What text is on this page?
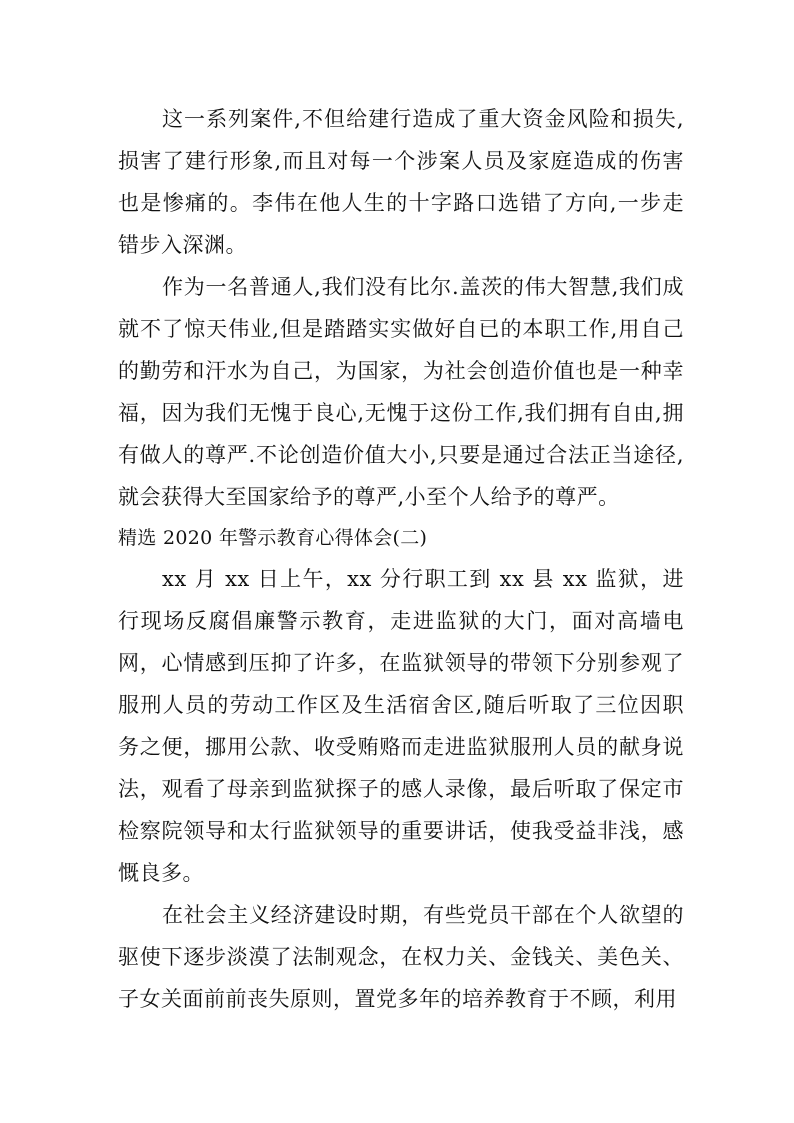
这一系列案件,不但给建行造成了重大资金风险和损失,损害了建行形象,而且对每一个涉案人员及家庭造成的伤害也是惨痛的。李伟在他人生的十字路口选错了方向,一步走错步入深渊。

作为一名普通人,我们没有比尔.盖茨的伟大智慧,我们成就不了惊天伟业,但是踏踏实实做好自已的本职工作,用自己的勤劳和汗水为自己，为国家，为社会创造价值也是一种幸福，因为我们无愧于良心,无愧于这份工作,我们拥有自由,拥有做人的尊严.不论创造价值大小,只要是通过合法正当途径,就会获得大至国家给予的尊严,小至个人给予的尊严。

精选 2020 年警示教育心得体会(二)

xx 月 xx 日上午，xx 分行职工到 xx 县 xx 监狱，进行现场反腐倡廉警示教育，走进监狱的大门，面对高墙电网，心情感到压抑了许多，在监狱领导的带领下分别参观了服刑人员的劳动工作区及生活宿舍区,随后听取了三位因职务之便，挪用公款、收受贿赂而走进监狱服刑人员的献身说法，观看了母亲到监狱探子的感人录像，最后听取了保定市检察院领导和太行监狱领导的重要讲话，使我受益非浅，感慨良多。

在社会主义经济建设时期，有些党员干部在个人欲望的驱使下逐步淡漠了法制观念，在权力关、金钱关、美色关、子女关面前前丧失原则，置党多年的培养教育于不顾，利用
